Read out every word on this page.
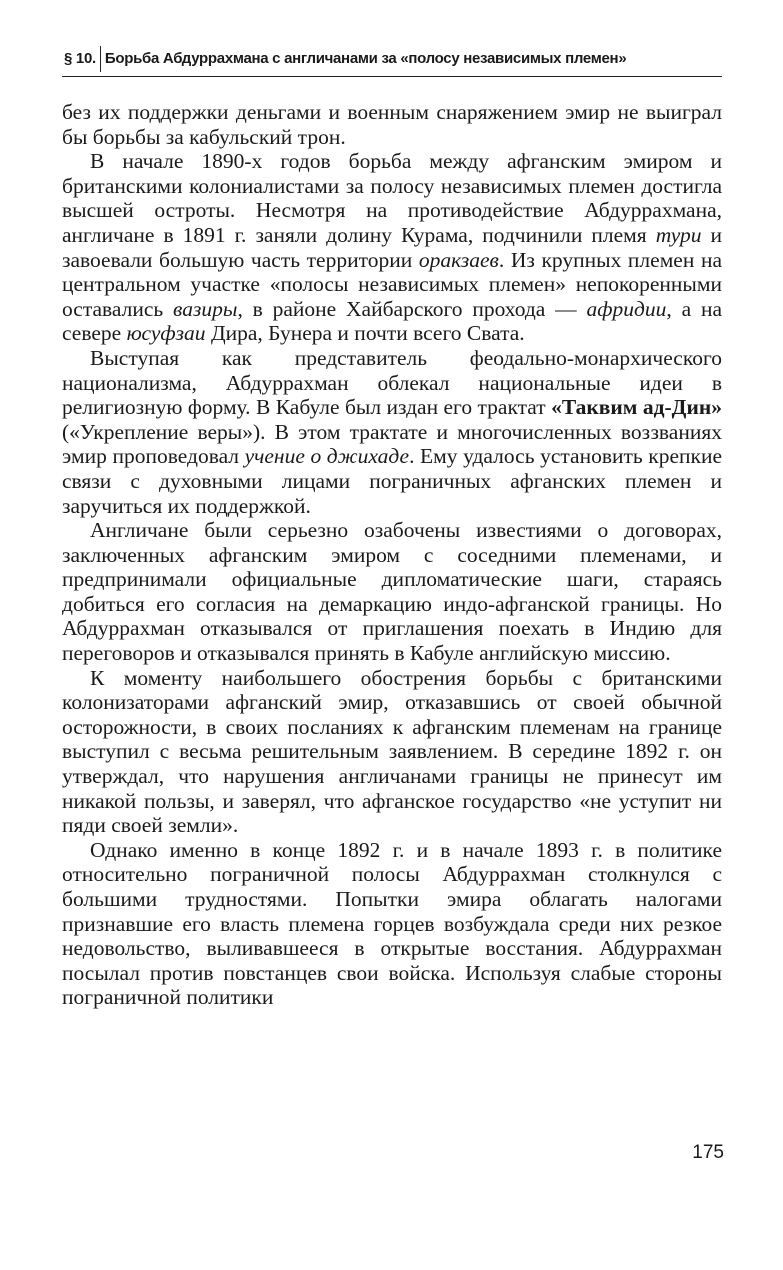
§ 10. Борьба Абдуррахмана с англичанами за «полосу независимых племен»

без их поддержки деньгами и военным снаряжением эмир не выиграл бы борьбы за кабульский трон.

В начале 1890-х годов борьба между афганским эмиром и британскими колониалистами за полосу независимых племен достигла высшей остроты. Несмотря на противодействие Абдуррахмана, англичане в 1891 г. заняли долину Курама, подчинили племя тури и завоевали большую часть территории оракзаев. Из крупных племен на центральном участке «полосы независимых племен» непокоренными оставались вазиры, в районе Хайбарского прохода — афридии, а на севере юсуфзаи Дира, Бунера и почти всего Свата.

Выступая как представитель феодально-монархического национализма, Абдуррахман облекал национальные идеи в религиозную форму. В Кабуле был издан его трактат «Таквим ад-Дин» («Укрепление веры»). В этом трактате и многочисленных воззваниях эмир проповедовал учение о джихаде. Ему удалось установить крепкие связи с духовными лицами пограничных афганских племен и заручиться их поддержкой.

Англичане были серьезно озабочены известиями о договорах, заключенных афганским эмиром с соседними племенами, и предпринимали официальные дипломатические шаги, стараясь добиться его согласия на демаркацию индо-афганской границы. Но Абдуррахман отказывался от приглашения поехать в Индию для переговоров и отказывался принять в Кабуле английскую миссию.

К моменту наибольшего обострения борьбы с британскими колонизаторами афганский эмир, отказавшись от своей обычной осторожности, в своих посланиях к афганским племенам на границе выступил с весьма решительным заявлением. В середине 1892 г. он утверждал, что нарушения англичанами границы не принесут им никакой пользы, и заверял, что афганское государство «не уступит ни пяди своей земли».

Однако именно в конце 1892 г. и в начале 1893 г. в политике относительно пограничной полосы Абдуррахман столкнулся с большими трудностями. Попытки эмира облагать налогами признавшие его власть племена горцев возбуждала среди них резкое недовольство, выливавшееся в открытые восстания. Абдуррахман посылал против повстанцев свои войска. Используя слабые стороны пограничной политики

175
